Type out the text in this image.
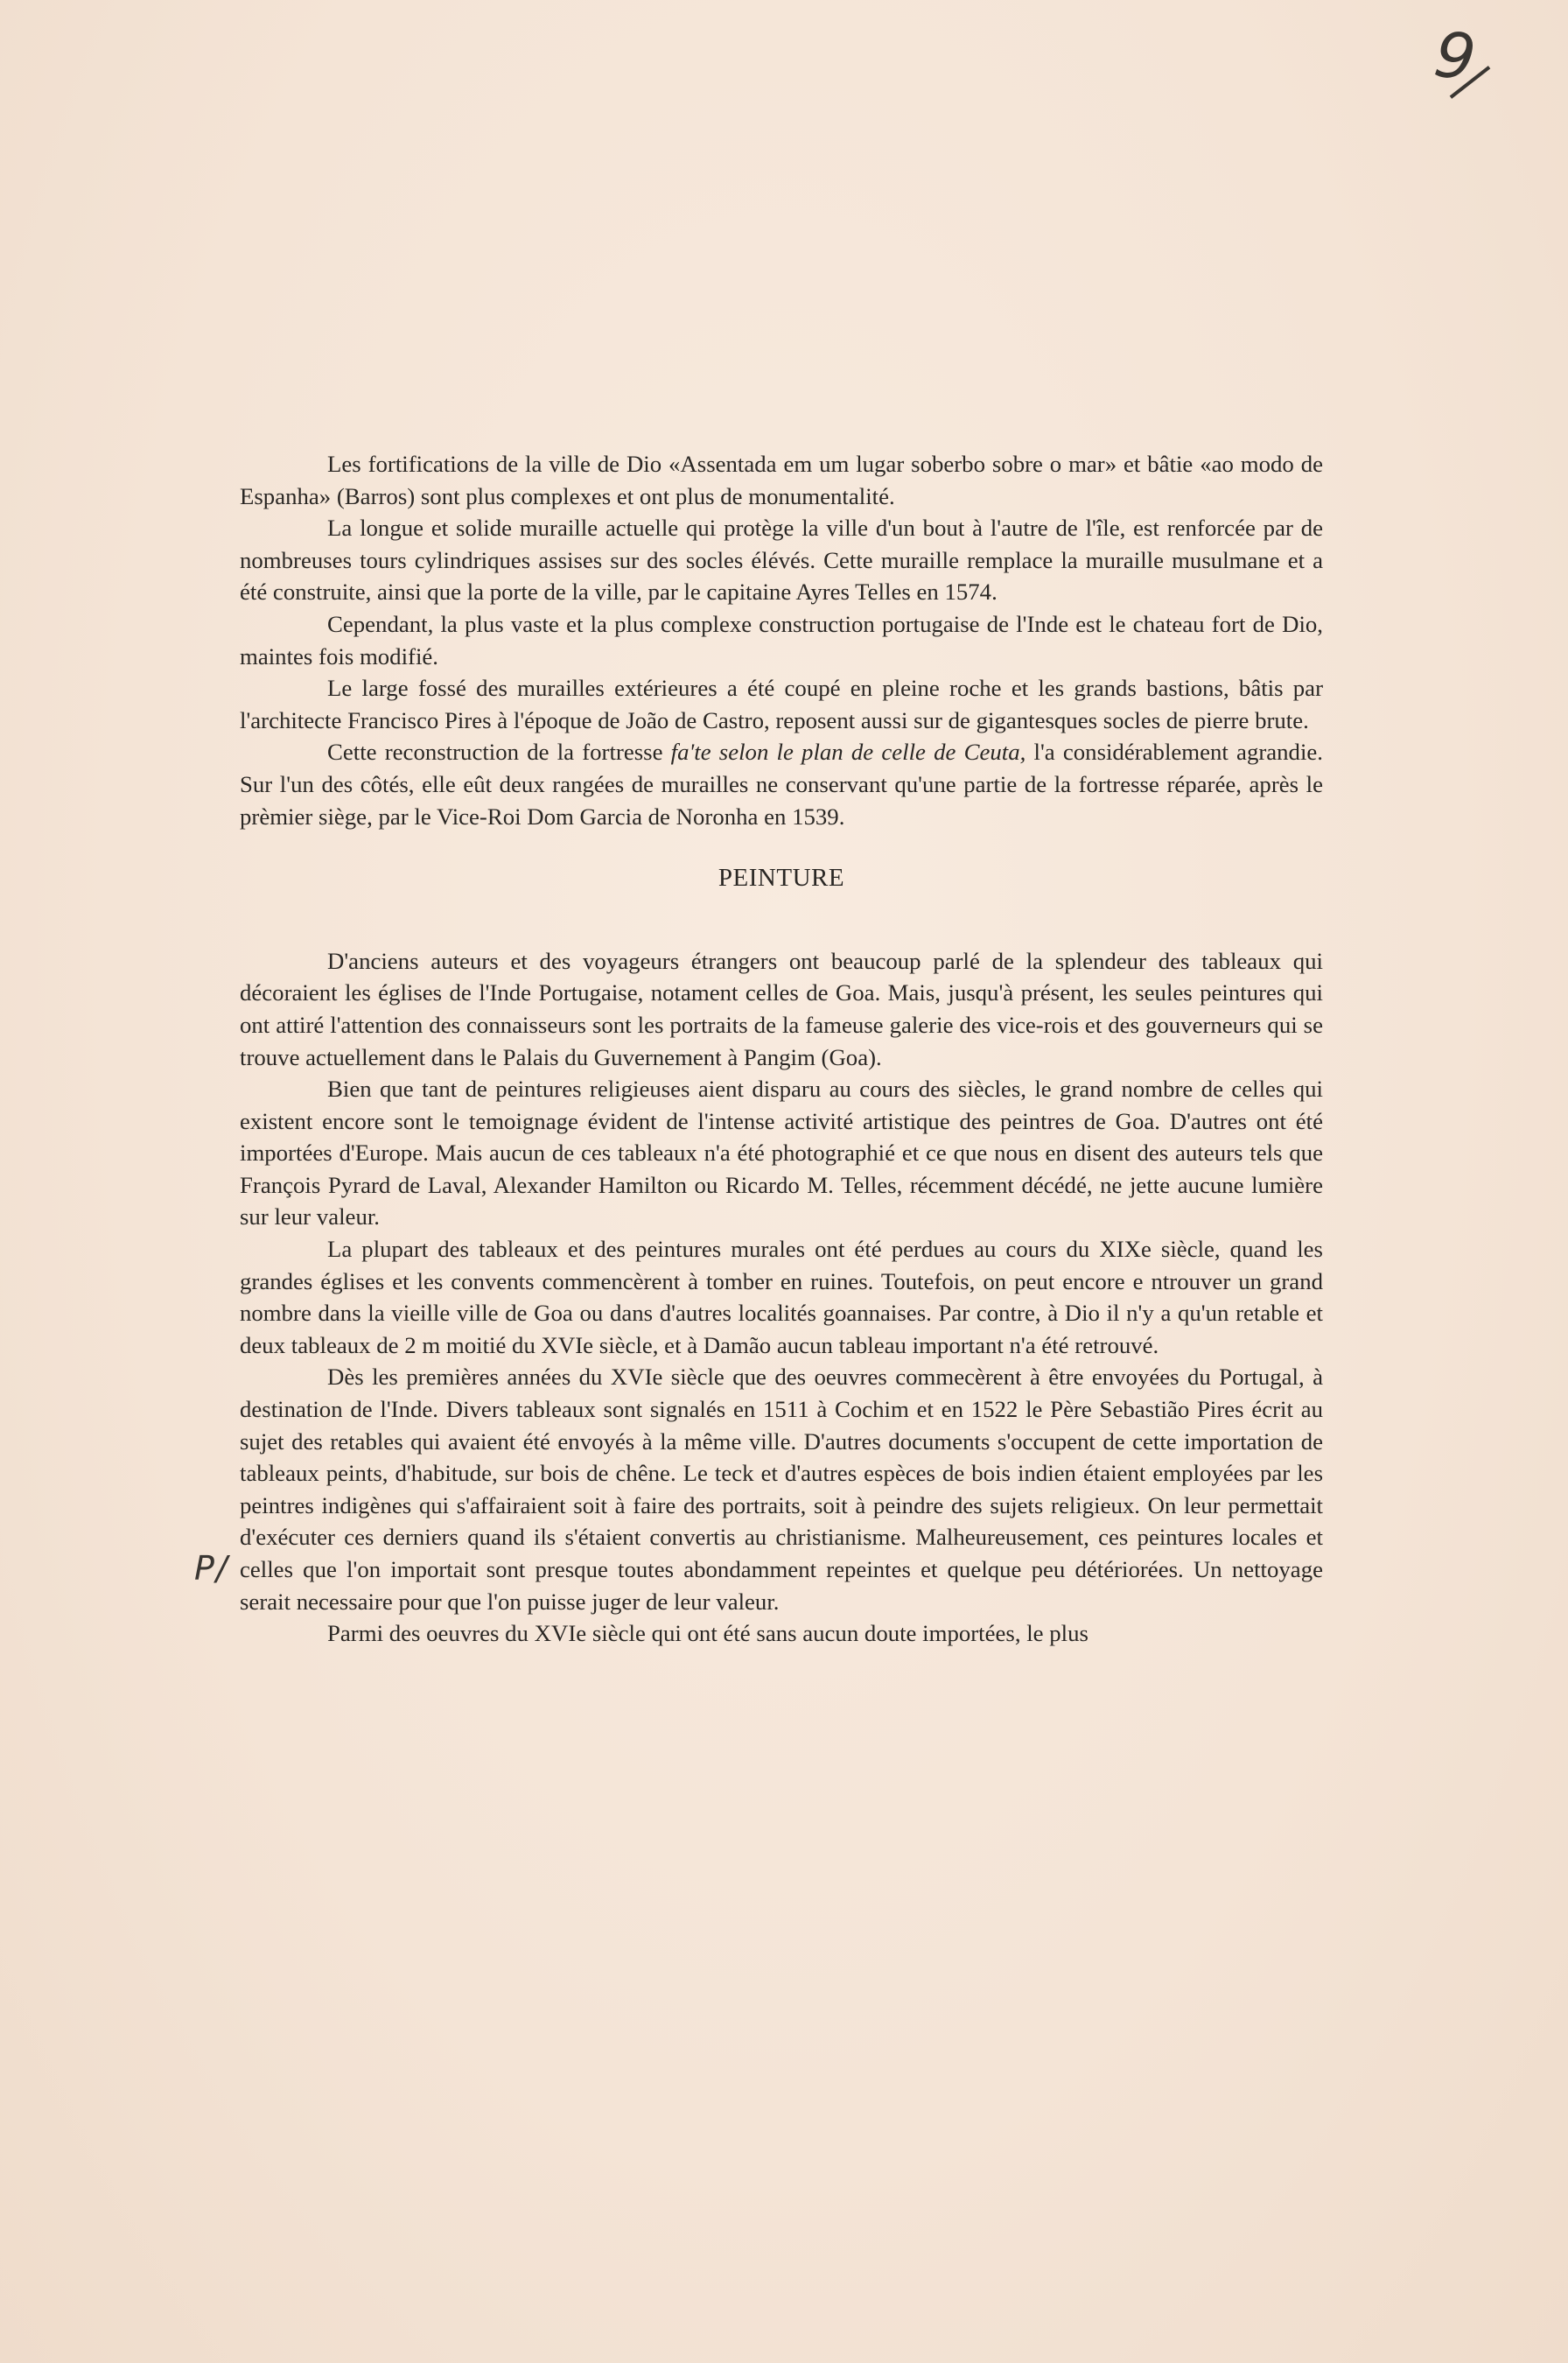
9
P/

Les fortifications de la ville de Dio «Assentada em um lugar soberbo sobre o mar» et bâtie «ao modo de Espanha» (Barros) sont plus complexes et ont plus de monumentalité.

La longue et solide muraille actuelle qui protège la ville d'un bout à l'autre de l'île, est renforcée par de nombreuses tours cylindriques assises sur des socles élévés. Cette muraille remplace la muraille musulmane et a été construite, ainsi que la porte de la ville, par le capitaine Ayres Telles en 1574.

Cependant, la plus vaste et la plus complexe construction portugaise de l'Inde est le chateau fort de Dio, maintes fois modifié.

Le large fossé des murailles extérieures a été coupé en pleine roche et les grands bastions, bâtis par l'architecte Francisco Pires à l'époque de João de Castro, reposent aussi sur de gigantesques socles de pierre brute.

Cette reconstruction de la fortresse fa'te selon le plan de celle de Ceuta, l'a considérablement agrandie. Sur l'un des côtés, elle eût deux rangées de murailles ne conservant qu'une partie de la fortresse réparée, après le prèmier siège, par le Vice-Roi Dom Garcia de Noronha en 1539.

PEINTURE

D'anciens auteurs et des voyageurs étrangers ont beaucoup parlé de la splendeur des tableaux qui décoraient les églises de l'Inde Portugaise, notament celles de Goa. Mais, jusqu'à présent, les seules peintures qui ont attiré l'attention des connaisseurs sont les portraits de la fameuse galerie des vice-rois et des gouverneurs qui se trouve actuellement dans le Palais du Guvernement à Pangim (Goa).

Bien que tant de peintures religieuses aient disparu au cours des siècles, le grand nombre de celles qui existent encore sont le temoignage évident de l'intense activité artistique des peintres de Goa. D'autres ont été importées d'Europe. Mais aucun de ces tableaux n'a été photographié et ce que nous en disent des auteurs tels que François Pyrard de Laval, Alexander Hamilton ou Ricardo M. Telles, récemment décédé, ne jette aucune lumière sur leur valeur.

La plupart des tableaux et des peintures murales ont été perdues au cours du XIXe siècle, quand les grandes églises et les convents commencèrent à tomber en ruines. Toutefois, on peut encore e ntrouver un grand nombre dans la vieille ville de Goa ou dans d'autres localités goannaises. Par contre, à Dio il n'y a qu'un retable et deux tableaux de 2 m moitié du XVIe siècle, et à Damão aucun tableau important n'a été retrouvé.

Dès les premières années du XVIe siècle que des oeuvres commecèrent à être envoyées du Portugal, à destination de l'Inde. Divers tableaux sont signalés en 1511 à Cochim et en 1522 le Père Sebastião Pires écrit au sujet des retables qui avaient été envoyés à la même ville. D'autres documents s'occupent de cette importation de tableaux peints, d'habitude, sur bois de chêne. Le teck et d'autres espèces de bois indien étaient employées par les peintres indigènes qui s'affairaient soit à faire des portraits, soit à peindre des sujets religieux. On leur permettait d'exécuter ces derniers quand ils s'étaient convertis au christianisme. Malheureusement, ces peintures locales et celles que l'on importait sont presque toutes abondamment repeintes et quelque peu détériorées. Un nettoyage serait necessaire pour que l'on puisse juger de leur valeur.

Parmi des oeuvres du XVIe siècle qui ont été sans aucun doute importées, le plus
